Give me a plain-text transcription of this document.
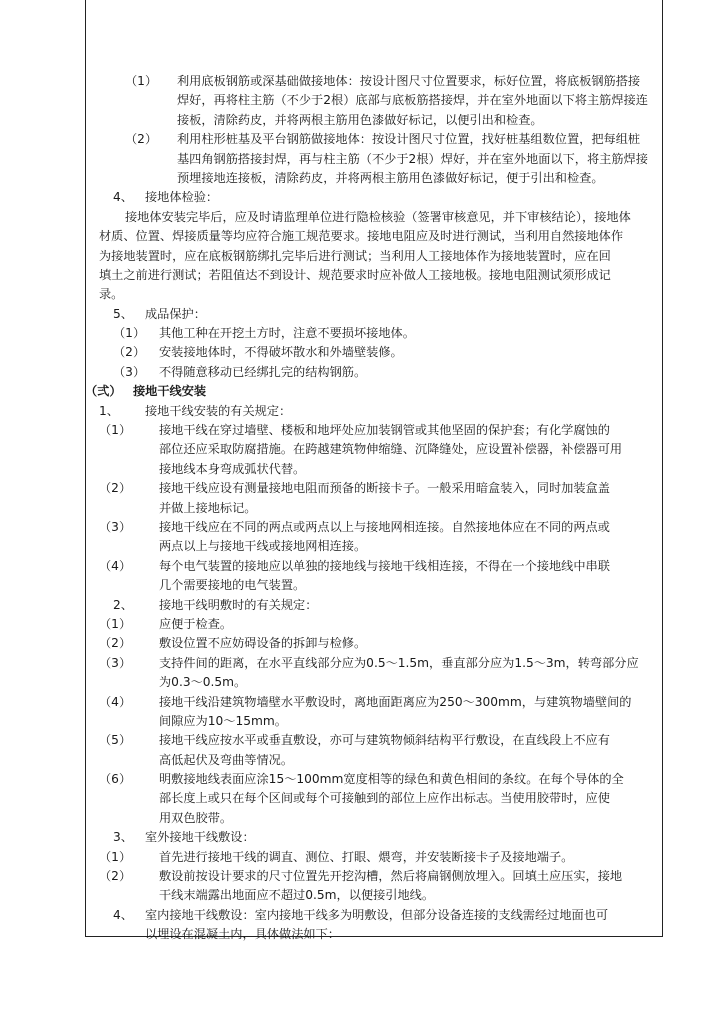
（1） 利用底板钢筋或深基础做接地体：按设计图尺寸位置要求，标好位置，将底板钢筋搭接
焊好，再将柱主筋（不少于2根）底部与底板筋搭接焊，并在室外地面以下将主筋焊接连
接板，清除药皮，并将两根主筋用色漆做好标记，以便引出和检查。
（2） 利用柱形桩基及平台钢筋做接地体：按设计图尺寸位置，找好桩基组数位置，把每组桩
基四角钢筋搭接封焊，再与柱主筋（不少于2根）焊好，并在室外地面以下，将主筋焊接
预埋接地连接板，清除药皮，并将两根主筋用色漆做好标记，便于引出和检查。
4、 接地体检验：
接地体安装完毕后，应及时请监理单位进行隐检核验（签署审核意见，并下审核结论），接地体
材质、位置、焊接质量等均应符合施工规范要求。接地电阻应及时进行测试，当利用自然接地体作
为接地装置时，应在底板钢筋绑扎完毕后进行测试；当利用人工接地体作为接地装置时，应在回
填土之前进行测试；若阻值达不到设计、规范要求时应补做人工接地极。接地电阻测试须形成记
录。
5、 成品保护：
（1） 其他工种在开挖土方时，注意不要损坏接地体。
（2） 安装接地体时，不得破坏散水和外墙壁装修。
（3） 不得随意移动已经绑扎完的结构钢筋。
（弍） 接地干线安装
1、 接地干线安装的有关规定：
（1） 接地干线在穿过墙壁、楼板和地坪处应加装钢管或其他坚固的保护套；有化学腐蚀的
部位还应采取防腐措施。在跨越建筑物伸缩缝、沉降缝处，应设置补偿器，补偿器可用
接地线本身弯成弧状代替。
（2） 接地干线应设有测量接地电阻而预备的断接卡子。一般采用暗盒装入，同时加装盒盖
并做上接地标记。
（3） 接地干线应在不同的两点或两点以上与接地网相连接。自然接地体应在不同的两点或
两点以上与接地干线或接地网相连接。
（4） 每个电气装置的接地应以单独的接地线与接地干线相连接，不得在一个接地线中串联
几个需要接地的电气装置。
2、 接地干线明敷时的有关规定：
（1） 应便于检查。
（2） 敷设位置不应妨碍设备的拆卸与检修。
（3） 支持件间的距离，在水平直线部分应为0.5～1.5m，垂直部分应为1.5～3m，转弯部分应
为0.3～0.5m。
（4） 接地干线沿建筑物墙壁水平敷设时，离地面距离应为250～300mm，与建筑物墙壁间的
间隙应为10～15mm。
（5） 接地干线应按水平或垂直敷设，亦可与建筑物倾斜结构平行敷设，在直线段上不应有
高低起伏及弯曲等情况。
（6） 明敷接地线表面应涂15～100mm宽度相等的绿色和黄色相间的条纹。在每个导体的全
部长度上或只在每个区间或每个可接触到的部位上应作出标志。当使用胶带时，应使
用双色胶带。
3、 室外接地干线敷设：
（1） 首先进行接地干线的调直、测位、打眼、煨弯，并安装断接卡子及接地端子。
（2） 敷设前按设计要求的尺寸位置先开挖沟槽，然后将扁钢侧放埋入。回填土应压实，接地
干线末端露出地面应不超过0.5m，以便接引地线。
4、 室内接地干线敷设：室内接地干线多为明敷设，但部分设备连接的支线需经过地面也可
以埋设在混凝土内，具体做法如下：
